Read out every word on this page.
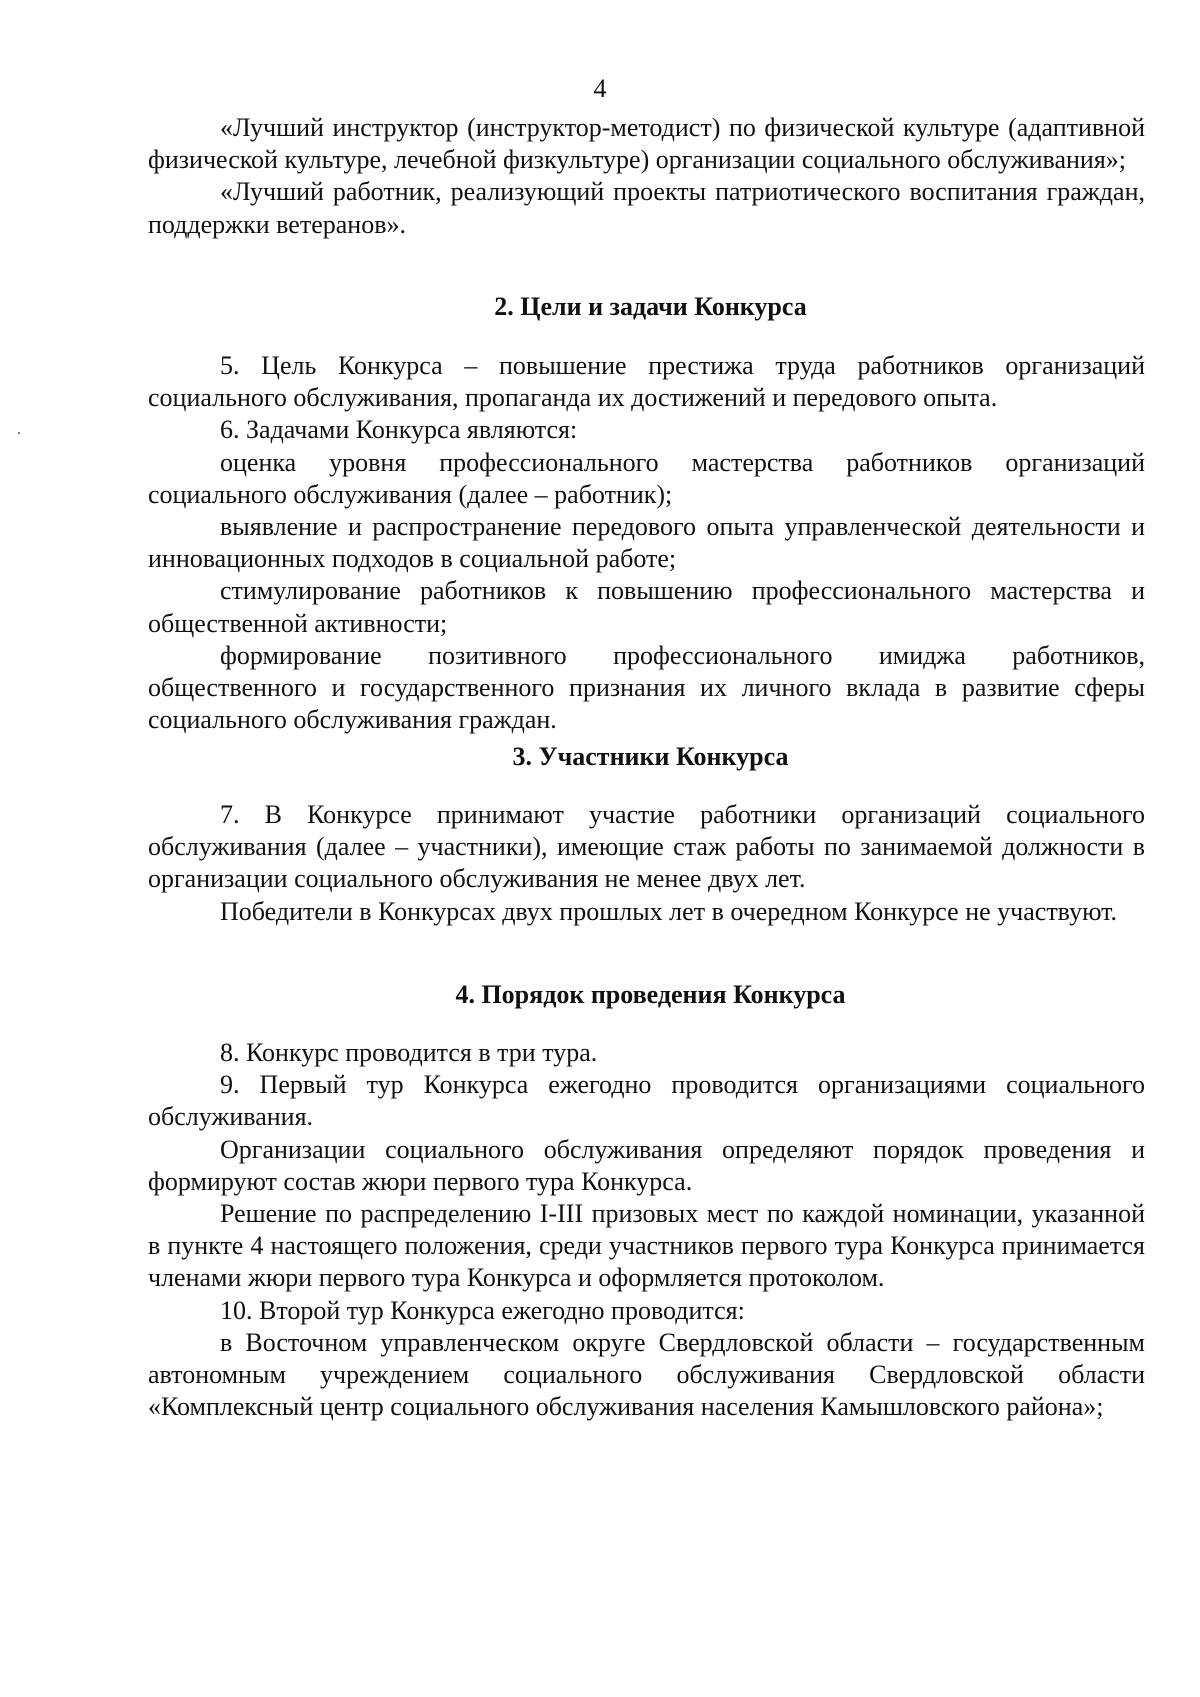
4

«Лучший инструктор (инструктор-методист) по физической культуре (адаптивной физической культуре, лечебной физкультуре) организации социального обслуживания»;

«Лучший работник, реализующий проекты патриотического воспитания граждан, поддержки ветеранов».

2. Цели и задачи Конкурса

5. Цель Конкурса – повышение престижа труда работников организаций социального обслуживания, пропаганда их достижений и передового опыта.

6. Задачами Конкурса являются:

оценка уровня профессионального мастерства работников организаций социального обслуживания (далее – работник);

выявление и распространение передового опыта управленческой деятельности и инновационных подходов в социальной работе;

стимулирование работников к повышению профессионального мастерства и общественной активности;

формирование позитивного профессионального имиджа работников, общественного и государственного признания их личного вклада в развитие сферы социального обслуживания граждан.

3. Участники Конкурса

7. В Конкурсе принимают участие работники организаций социального обслуживания (далее – участники), имеющие стаж работы по занимаемой должности в организации социального обслуживания не менее двух лет.

Победители в Конкурсах двух прошлых лет в очередном Конкурсе не участвуют.

4. Порядок проведения Конкурса

8. Конкурс проводится в три тура.

9. Первый тур Конкурса ежегодно проводится организациями социального обслуживания.

Организации социального обслуживания определяют порядок проведения и формируют состав жюри первого тура Конкурса.

Решение по распределению I-III призовых мест по каждой номинации, указанной в пункте 4 настоящего положения, среди участников первого тура Конкурса принимается членами жюри первого тура Конкурса и оформляется протоколом.

10. Второй тур Конкурса ежегодно проводится:

в Восточном управленческом округе Свердловской области – государственным автономным учреждением социального обслуживания Свердловской области «Комплексный центр социального обслуживания населения Камышловского района»;
